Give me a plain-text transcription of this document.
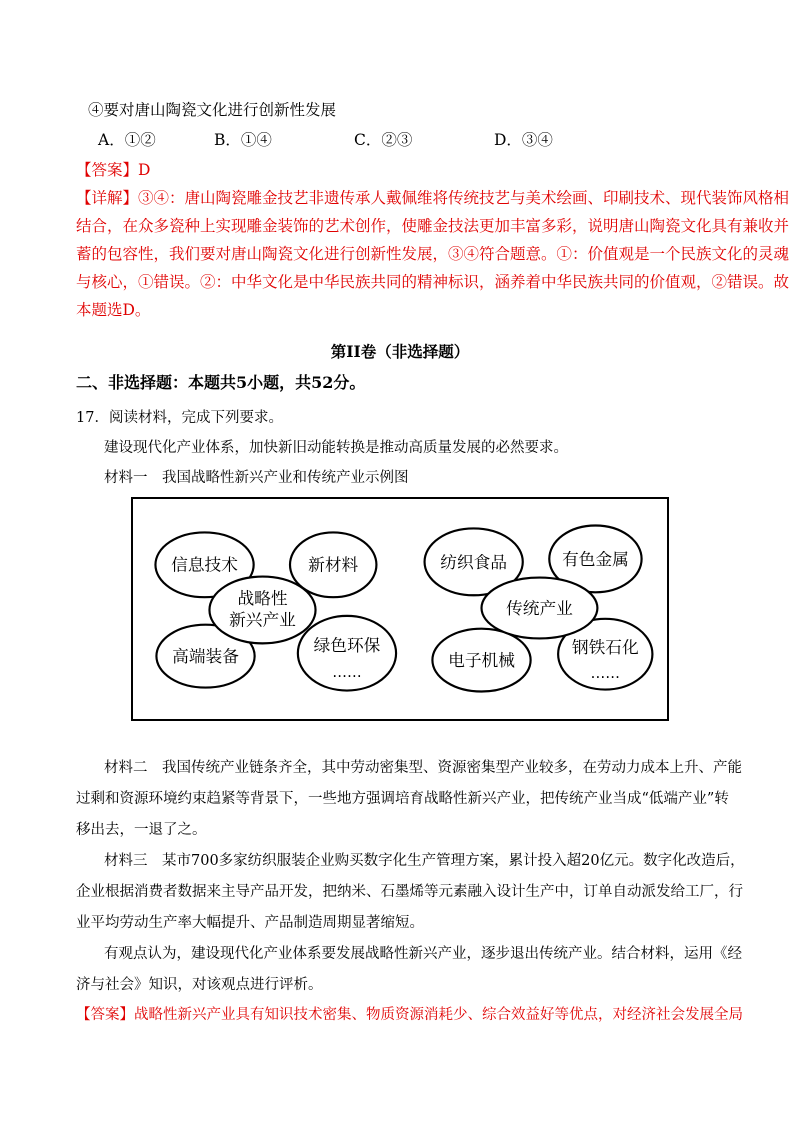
④要对唐山陶瓷文化进行创新性发展
A．①②	B．①④	C．②③	D．③④
【答案】D
【详解】③④：唐山陶瓷雕金技艺非遗传承人戴佩维将传统技艺与美术绘画、印刷技术、现代装饰风格相
结合，在众多瓷种上实现雕金装饰的艺术创作，使雕金技法更加丰富多彩，说明唐山陶瓷文化具有兼收并
蓄的包容性，我们要对唐山陶瓷文化进行创新性发展，③④符合题意。①：价值观是一个民族文化的灵魂
与核心，①错误。②：中华文化是中华民族共同的精神标识，涵养着中华民族共同的价值观，②错误。故
本题选D。
第II卷（非选择题）
二、非选择题：本题共5小题，共52分。
17．阅读材料，完成下列要求。
建设现代化产业体系，加快新旧动能转换是推动高质量发展的必然要求。
材料一　我国战略性新兴产业和传统产业示例图
信息技术	新材料
高端装备
绿色环保
……
战略性
新兴产业
纺织食品	有色金属
电子机械
钢铁石化
……
传统产业
材料二　我国传统产业链条齐全，其中劳动密集型、资源密集型产业较多，在劳动力成本上升、产能
过剩和资源环境约束趋紧等背景下，一些地方强调培育战略性新兴产业，把传统产业当成“低端产业”转
移出去，一退了之。
材料三　某市700多家纺织服装企业购买数字化生产管理方案，累计投入超20亿元。数字化改造后，
企业根据消费者数据来主导产品开发，把纳米、石墨烯等元素融入设计生产中，订单自动派发给工厂，行
业平均劳动生产率大幅提升、产品制造周期显著缩短。
有观点认为，建设现代化产业体系要发展战略性新兴产业，逐步退出传统产业。结合材料，运用《经
济与社会》知识，对该观点进行评析。
【答案】战略性新兴产业具有知识技术密集、物质资源消耗少、综合效益好等优点，对经济社会发展全局
